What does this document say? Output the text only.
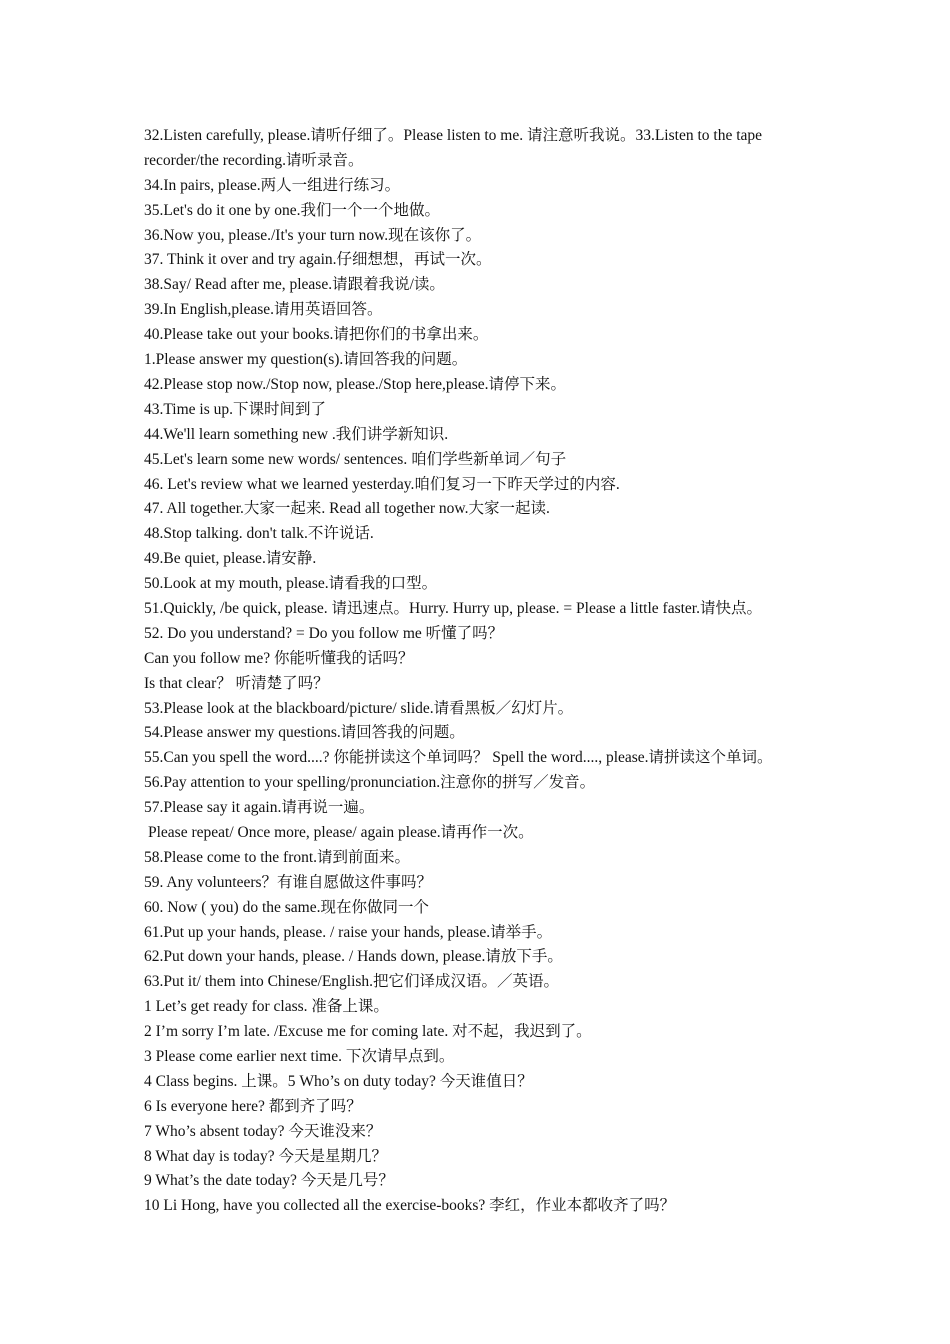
32.Listen carefully, please.请听仔细了。Please listen to me. 请注意听我说。33.Listen to the tape recorder/the recording.请听录音。
34.In pairs, please.两人一组进行练习。
35.Let's do it one by one.我们一个一个地做。
36.Now you, please./It's your turn now.现在该你了。
37. Think it over and try again.仔细想想，再试一次。
38.Say/ Read after me, please.请跟着我说/读。
39.In English,please.请用英语回答。
40.Please take out your books.请把你们的书拿出来。
1.Please answer my question(s).请回答我的问题。
42.Please stop now./Stop now, please./Stop here,please.请停下来。
43.Time is up.下课时间到了
44.We'll learn something new .我们讲学新知识.
45.Let's learn some new words/ sentences. 咱们学些新单词／句子
46. Let's review what we learned yesterday.咱们复习一下昨天学过的内容.
47. All together.大家一起来. Read all together now.大家一起读.
48.Stop talking. don't talk.不许说话.
49.Be quiet, please.请安静.
50.Look at my mouth, please.请看我的口型。
51.Quickly, /be quick, please. 请迅速点。Hurry. Hurry up, please. = Please a little faster.请快点。
52. Do you understand? = Do you follow me 听懂了吗？
Can you follow me? 你能听懂我的话吗？
Is that clear？ 听清楚了吗？
53.Please look at the blackboard/picture/ slide.请看黑板／幻灯片。
54.Please answer my questions.请回答我的问题。
55.Can you spell the word....? 你能拼读这个单词吗？ Spell the word...., please.请拼读这个单词。
56.Pay attention to your spelling/pronunciation.注意你的拼写／发音。
57.Please say it again.请再说一遍。
Please repeat/ Once more, please/ again please.请再作一次。
58.Please come to the front.请到前面来。
59. Any volunteers？有谁自愿做这件事吗？
60. Now ( you) do the same.现在你做同一个
61.Put up your hands, please. / raise your hands, please.请举手。
62.Put down your hands, please. / Hands down, please.请放下手。
63.Put it/ them into Chinese/English.把它们译成汉语。／英语。
1 Let’s get ready for class. 准备上课。
2 I’m sorry I’m late. /Excuse me for coming late. 对不起，我迟到了。
3 Please come earlier next time. 下次请早点到。
4 Class begins. 上课。5 Who’s on duty today? 今天谁值日？
6 Is everyone here? 都到齐了吗？
7 Who’s absent today? 今天谁没来？
8 What day is today? 今天是星期几？
9 What’s the date today? 今天是几号？
10 Li Hong, have you collected all the exercise-books? 李红，作业本都收齐了吗？
